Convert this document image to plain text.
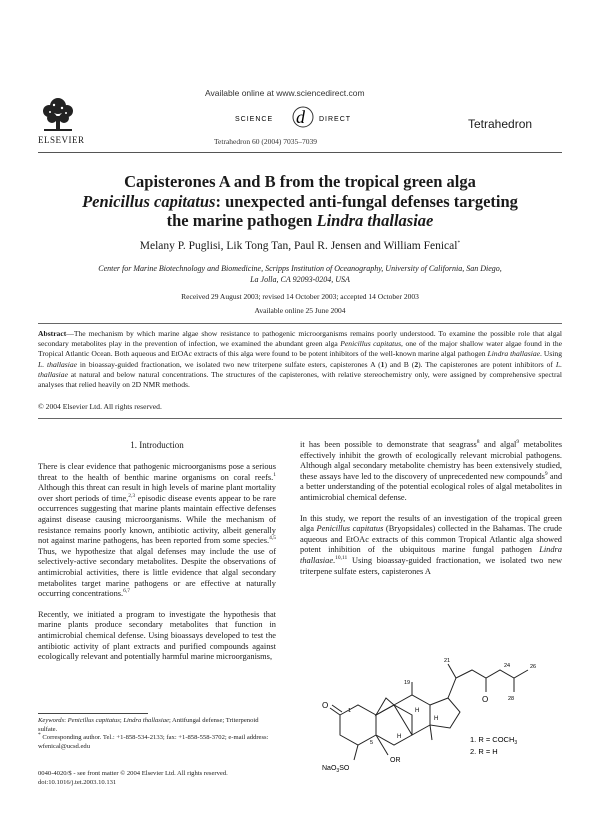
Available online at www.sciencedirect.com
SCIENCE d DIRECT
Tetrahedron 60 (2004) 7035–7039
ELSEVIER
Tetrahedron
Capisterones A and B from the tropical green alga
Penicillus capitatus: unexpected anti-fungal defenses targeting
the marine pathogen Lindra thallasiae
Melany P. Puglisi, Lik Tong Tan, Paul R. Jensen and William Fenical*
Center for Marine Biotechnology and Biomedicine, Scripps Institution of Oceanography, University of California, San Diego,
La Jolla, CA 92093-0204, USA
Received 29 August 2003; revised 14 October 2003; accepted 14 October 2003
Available online 25 June 2004
Abstract—The mechanism by which marine algae show resistance to pathogenic microorganisms remains poorly understood. To examine the possible role that algal secondary metabolites play in the prevention of infection, we examined the abundant green alga Penicillus capitatus, one of the major shallow water algae found in the Tropical Atlantic Ocean. Both aqueous and EtOAc extracts of this alga were found to be potent inhibitors of the well-known marine algal pathogen Lindra thallasiae. Using L. thallasiae in bioassay-guided fractionation, we isolated two new triterpene sulfate esters, capisterones A (1) and B (2). The capisterones are potent inhibitors of L. thallasiae at natural and below natural concentrations. The structures of the capisterones, with relative stereochemistry only, were assigned by comprehensive spectral analyses that relied heavily on 2D NMR methods.
© 2004 Elsevier Ltd. All rights reserved.
1. Introduction

There is clear evidence that pathogenic microorganisms pose a serious threat to the health of benthic marine organisms on coral reefs.$^1$ Although this threat can result in high levels of marine plant mortality over short periods of time,$^{2,3}$ episodic disease events appear to be rare occurrences suggesting that marine plants maintain effective defenses against disease causing microorganisms. While the mechanism of resistance remains poorly known, antibiotic activity, albeit generally not against marine pathogens, has been reported from some species.$^{4,5}$ Thus, we hypothesize that algal defenses may include the use of selectively-active secondary metabolites. Despite the observations of antimicrobial activities, there is little evidence that algal secondary metabolites target marine pathogens or are effective at naturally occurring concentrations.$^{6,7}$

Recently, we initiated a program to investigate the hypothesis that marine plants produce secondary metabolites that function in antimicrobial chemical defense. Using bioassays developed to test the antibiotic activity of plant extracts and purified compounds against ecologically relevant and potentially harmful marine microorganisms,

it has been possible to demonstrate that seagrass$^8$ and algal$^9$ metabolites effectively inhibit the growth of ecologically relevant microbial pathogens. Although algal secondary metabolite chemistry has been extensively studied, these assays have led to the discovery of unprecedented new compounds$^9$ and a better understanding of the potential ecological roles of algal metabolites in antimicrobial chemical defense.

In this study, we report the results of an investigation of the tropical green alga Penicillus capitatus (Bryopsidales) collected in the Bahamas. The crude aqueous and EtOAc extracts of this common Tropical Atlantic alga showed potent inhibition of the ubiquitous marine fungal pathogen Lindra thallasiae.$^{10,11}$ Using bioassay-guided fractionation, we isolated two new triterpene sulfate esters, capisterones A

O
O
NaO$_3$SO
OR
H
H
H
21
24	26
28
19
5
1
1. $R = COCH_3$
2. R = H

Keywords: Penicillus capitatus; Lindra thallasiae; Antifungal defense; Triterpenoid sulfate.

* Corresponding author. Tel.: +1-858-534-2133; fax: +1-858-558-3702; e-mail address: wfenical@ucsd.edu

0040-4020/$ - see front matter © 2004 Elsevier Ltd. All rights reserved.

doi:10.1016/j.tet.2003.10.131
